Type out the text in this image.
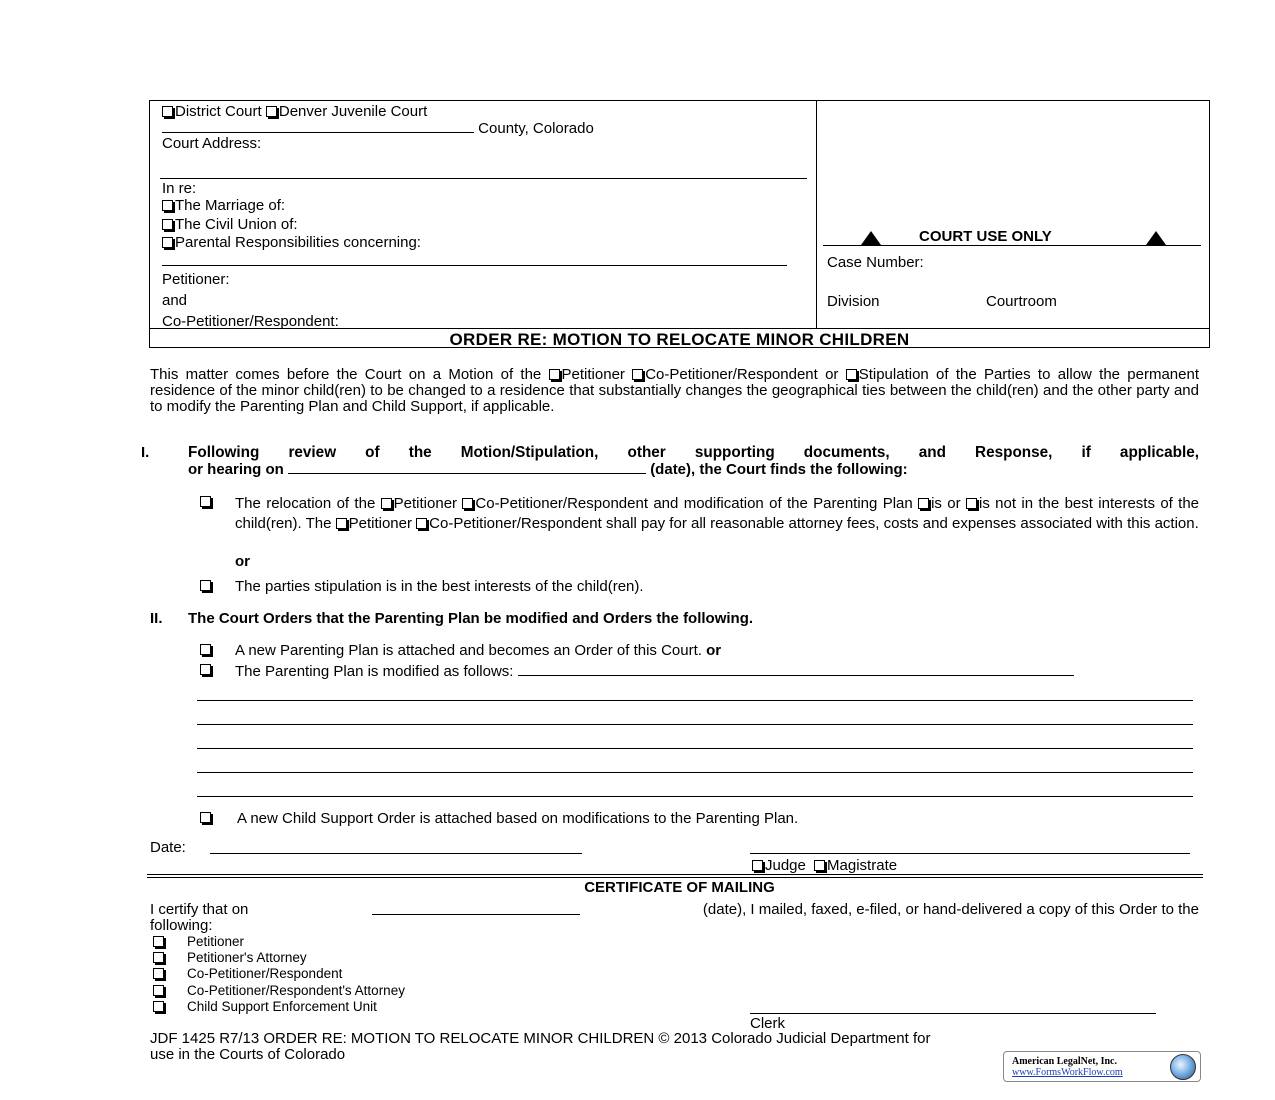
District Court Denver Juvenile Court
County, Colorado
Court Address:
In re:
The Marriage of:
The Civil Union of:
Parental Responsibilities concerning:
Petitioner:
and
Co-Petitioner/Respondent:
COURT USE ONLY
Case Number:
Division	Courtroom
ORDER RE: MOTION TO RELOCATE MINOR CHILDREN
This matter comes before the Court on a Motion of the Petitioner Co-Petitioner/Respondent or Stipulation of the Parties to allow the permanent residence of the minor child(ren) to be changed to a residence that substantially changes the geographical ties between the child(ren) and the other party and to modify the Parenting Plan and Child Support, if applicable.
I.	Following review of the Motion/Stipulation, other supporting documents, and Response, if applicable,
or hearing on	(date), the Court finds the following:
The relocation of the Petitioner Co-Petitioner/Respondent and modification of the Parenting Plan is or is not in the best interests of the child(ren). The Petitioner Co-Petitioner/Respondent shall pay for all reasonable attorney fees, costs and expenses associated with this action.
or
The parties stipulation is in the best interests of the child(ren).
II. The Court Orders that the Parenting Plan be modified and Orders the following.
A new Parenting Plan is attached and becomes an Order of this Court. or
The Parenting Plan is modified as follows:
A new Child Support Order is attached based on modifications to the Parenting Plan.
Date:
Judge Magistrate
CERTIFICATE OF MAILING
I certify that on	(date), I mailed, faxed, e-filed, or hand-delivered a copy of this Order to the
following:
Petitioner
Petitioner's Attorney
Co-Petitioner/Respondent
Co-Petitioner/Respondent's Attorney
Child Support Enforcement Unit
Clerk
JDF 1425 R7/13 ORDER RE: MOTION TO RELOCATE MINOR CHILDREN © 2013 Colorado Judicial Department for
use in the Courts of Colorado	American LegalNet, Inc.
www.FormsWorkFlow.com
